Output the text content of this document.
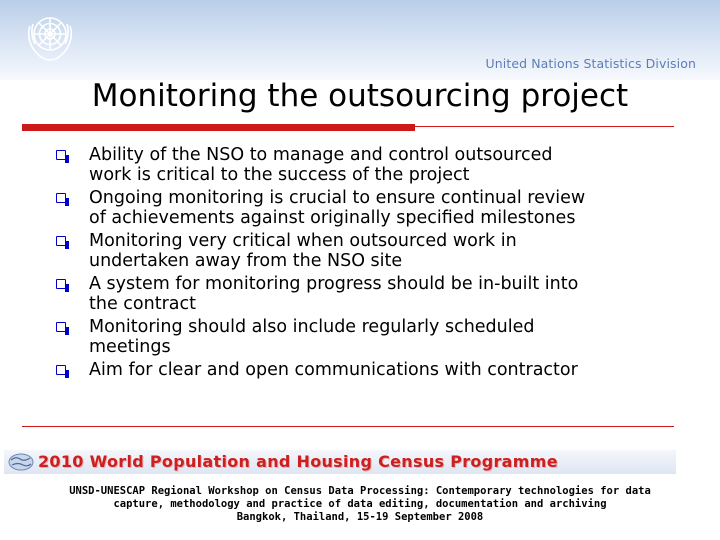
United Nations Statistics Division
Monitoring the outsourcing project
Ability of the NSO to manage and control outsourced
work is critical to the success of the project
Ongoing monitoring is crucial to ensure continual review
of achievements against originally specified milestones
Monitoring very critical when outsourced work in
undertaken away from the NSO site
A system for monitoring progress should be in-built into
the contract
Monitoring should also include regularly scheduled
meetings
Aim for clear and open communications with contractor
2010 World Population and Housing Census Programme
UNSD-UNESCAP Regional Workshop on Census Data Processing: Contemporary technologies for data
capture, methodology and practice of data editing, documentation and archiving
Bangkok, Thailand, 15-19 September 2008
